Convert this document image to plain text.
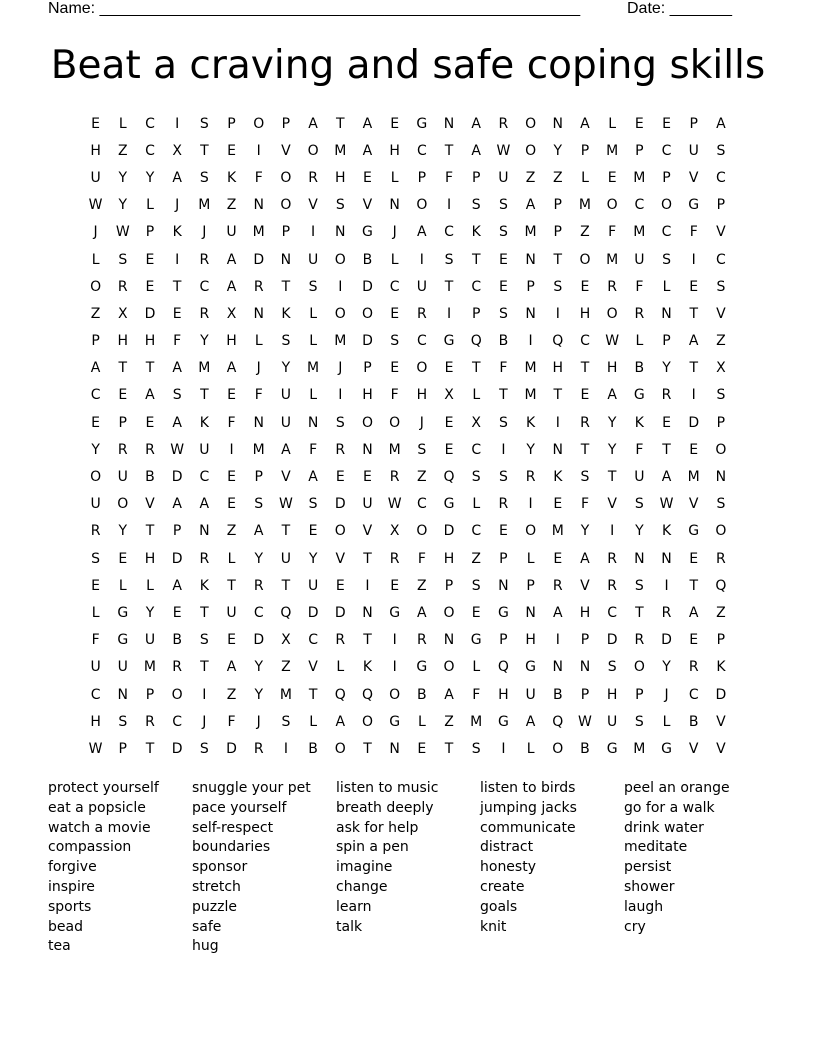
Name: ______________________________________________________	Date: _______
Beat a craving and safe coping skills
E	L	C	I	S	P	O	P	A	T	A	E	G	N	A	R	O	N	A	L	E	E	P	A
H	Z	C	X	T	E	I	V	O	M	A	H	C	T	A	W	O	Y	P	M	P	C	U	S
U	Y	Y	A	S	K	F	O	R	H	E	L	P	F	P	U	Z	Z	L	E	M	P	V	C
W	Y	L	J	M	Z	N	O	V	S	V	N	O	I	S	S	A	P	M	O	C	O	G	P
J	W	P	K	J	U	M	P	I	N	G	J	A	C	K	S	M	P	Z	F	M	C	F	V
L	S	E	I	R	A	D	N	U	O	B	L	I	S	T	E	N	T	O	M	U	S	I	C
O	R	E	T	C	A	R	T	S	I	D	C	U	T	C	E	P	S	E	R	F	L	E	S
Z	X	D	E	R	X	N	K	L	O	O	E	R	I	P	S	N	I	H	O	R	N	T	V
P	H	H	F	Y	H	L	S	L	M	D	S	C	G	Q	B	I	Q	C	W	L	P	A	Z
A	T	T	A	M	A	J	Y	M	J	P	E	O	E	T	F	M	H	T	H	B	Y	T	X
C	E	A	S	T	E	F	U	L	I	H	F	H	X	L	T	M	T	E	A	G	R	I	S
E	P	E	A	K	F	N	U	N	S	O	O	J	E	X	S	K	I	R	Y	K	E	D	P
Y	R	R	W	U	I	M	A	F	R	N	M	S	E	C	I	Y	N	T	Y	F	T	E	O
O	U	B	D	C	E	P	V	A	E	E	R	Z	Q	S	S	R	K	S	T	U	A	M	N
U	O	V	A	A	E	S	W	S	D	U	W	C	G	L	R	I	E	F	V	S	W	V	S
R	Y	T	P	N	Z	A	T	E	O	V	X	O	D	C	E	O	M	Y	I	Y	K	G	O
S	E	H	D	R	L	Y	U	Y	V	T	R	F	H	Z	P	L	E	A	R	N	N	E	R
E	L	L	A	K	T	R	T	U	E	I	E	Z	P	S	N	P	R	V	R	S	I	T	Q
L	G	Y	E	T	U	C	Q	D	D	N	G	A	O	E	G	N	A	H	C	T	R	A	Z
F	G	U	B	S	E	D	X	C	R	T	I	R	N	G	P	H	I	P	D	R	D	E	P
U	U	M	R	T	A	Y	Z	V	L	K	I	G	O	L	Q	G	N	N	S	O	Y	R	K
C	N	P	O	I	Z	Y	M	T	Q	Q	O	B	A	F	H	U	B	P	H	P	J	C	D
H	S	R	C	J	F	J	S	L	A	O	G	L	Z	M	G	A	Q	W	U	S	L	B	V
W	P	T	D	S	D	R	I	B	O	T	N	E	T	S	I	L	O	B	G	M	G	V	V
protect yourself
eat a popsicle
watch a movie
compassion
forgive
inspire
sports
bead
tea
snuggle your pet
pace yourself
self-respect
boundaries
sponsor
stretch
puzzle
safe
hug
listen to music
breath deeply
ask for help
spin a pen
imagine
change
learn
talk
listen to birds
jumping jacks
communicate
distract
honesty
create
goals
knit
peel an orange
go for a walk
drink water
meditate
persist
shower
laugh
cry
